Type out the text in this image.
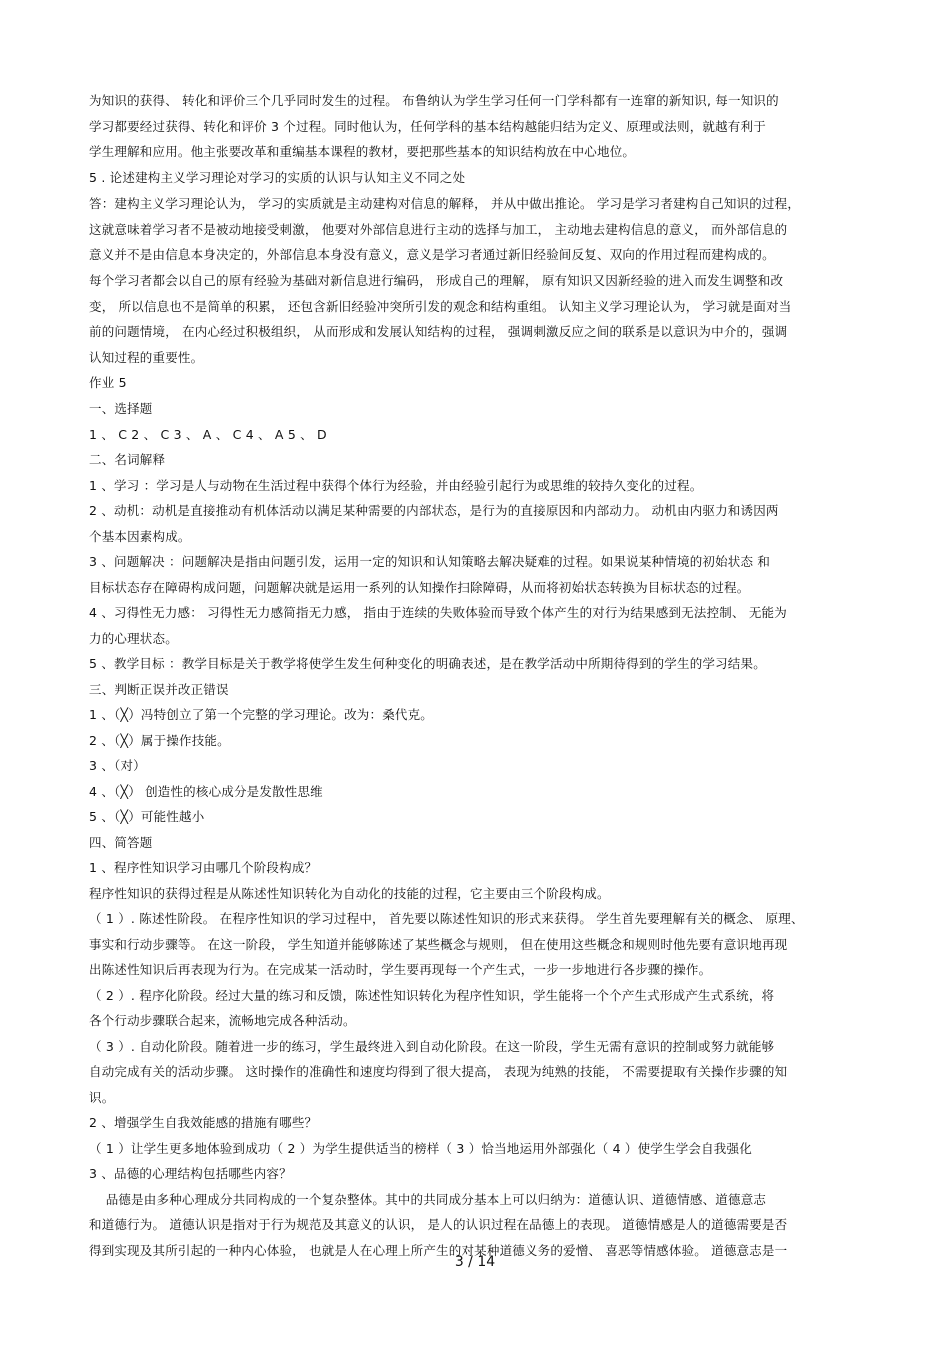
为知识的获得、 转化和评价三个几乎同时发生的过程。 布鲁纳认为学生学习任何一门学科都有一连窜的新知识, 每一知识的
学习都要经过获得、转化和评价 3 个过程。同时他认为，任何学科的基本结构越能归结为定义、原理或法则，就越有利于
学生理解和应用。他主张要改革和重编基本课程的教材，要把那些基本的知识结构放在中心地位。
5 . 论述建构主义学习理论对学习的实质的认识与认知主义不同之处
答：建构主义学习理论认为， 学习的实质就是主动建构对信息的解释， 并从中做出推论。 学习是学习者建构自己知识的过程，
这就意味着学习者不是被动地接受刺激， 他要对外部信息进行主动的选择与加工， 主动地去建构信息的意义， 而外部信息的
意义并不是由信息本身决定的，外部信息本身没有意义，意义是学习者通过新旧经验间反复、双向的作用过程而建构成的。
每个学习者都会以自己的原有经验为基础对新信息进行编码， 形成自己的理解， 原有知识又因新经验的进入而发生调整和改
变， 所以信息也不是简单的积累， 还包含新旧经验冲突所引发的观念和结构重组。 认知主义学习理论认为， 学习就是面对当
前的问题情境， 在内心经过积极组织， 从而形成和发展认知结构的过程， 强调刺激反应之间的联系是以意识为中介的，强调
认知过程的重要性。
作业 5
一、选择题
1 、 C 2 、 C 3 、 A 、 C 4 、 A 5 、 D
二、名词解释
1 、学习 ：学习是人与动物在生活过程中获得个体行为经验，并由经验引起行为或思维的较持久变化的过程。
2 、动机：动机是直接推动有机体活动以满足某种需要的内部状态，是行为的直接原因和内部动力。 动机由内驱力和诱因两
个基本因素构成。
3 、问题解决 ：问题解决是指由问题引发，运用一定的知识和认知策略去解决疑难的过程。如果说某种情境的初始状态 和
目标状态存在障碍构成问题，问题解决就是运用一系列的认知操作扫除障碍，从而将初始状态转换为目标状态的过程。
4 、习得性无力感： 习得性无力感简指无力感， 指由于连续的失败体验而导致个体产生的对行为结果感到无法控制、 无能为
力的心理状态。
5 、教学目标 ：教学目标是关于教学将使学生发生何种变化的明确表述，是在教学活动中所期待得到的学生的学习结果。
三、判断正误并改正错误
1 、（╳）冯特创立了第一个完整的学习理论。改为：桑代克。
2 、（╳）属于操作技能。
3 、（对）
4 、（╳） 创造性的核心成分是发散性思维
5 、（╳）可能性越小
四、简答题
1 、程序性知识学习由哪几个阶段构成？
程序性知识的获得过程是从陈述性知识转化为自动化的技能的过程，它主要由三个阶段构成。
（ 1 ）. 陈述性阶段。 在程序性知识的学习过程中， 首先要以陈述性知识的形式来获得。 学生首先要理解有关的概念、 原理、
事实和行动步骤等。 在这一阶段， 学生知道并能够陈述了某些概念与规则， 但在使用这些概念和规则时他先要有意识地再现
出陈述性知识后再表现为行为。在完成某一活动时，学生要再现每一个产生式，一步一步地进行各步骤的操作。
（ 2 ）. 程序化阶段。经过大量的练习和反馈，陈述性知识转化为程序性知识，学生能将一个个产生式形成产生式系统，将
各个行动步骤联合起来，流畅地完成各种活动。
（ 3 ）. 自动化阶段。随着进一步的练习，学生最终进入到自动化阶段。在这一阶段，学生无需有意识的控制或努力就能够
自动完成有关的活动步骤。 这时操作的准确性和速度均得到了很大提高， 表现为纯熟的技能， 不需要提取有关操作步骤的知
识。
2 、增强学生自我效能感的措施有哪些？
（ 1 ）让学生更多地体验到成功（ 2 ）为学生提供适当的榜样（ 3 ）恰当地运用外部强化（ 4 ）使学生学会自我强化
3 、品德的心理结构包括哪些内容？
品德是由多种心理成分共同构成的一个复杂整体。其中的共同成分基本上可以归纳为：道德认识、道德情感、道德意志
和道德行为。 道德认识是指对于行为规范及其意义的认识， 是人的认识过程在品德上的表现。 道德情感是人的道德需要是否
得到实现及其所引起的一种内心体验， 也就是人在心理上所产生的对某种道德义务的爱憎、 喜恶等情感体验。 道德意志是一
3 / 14
